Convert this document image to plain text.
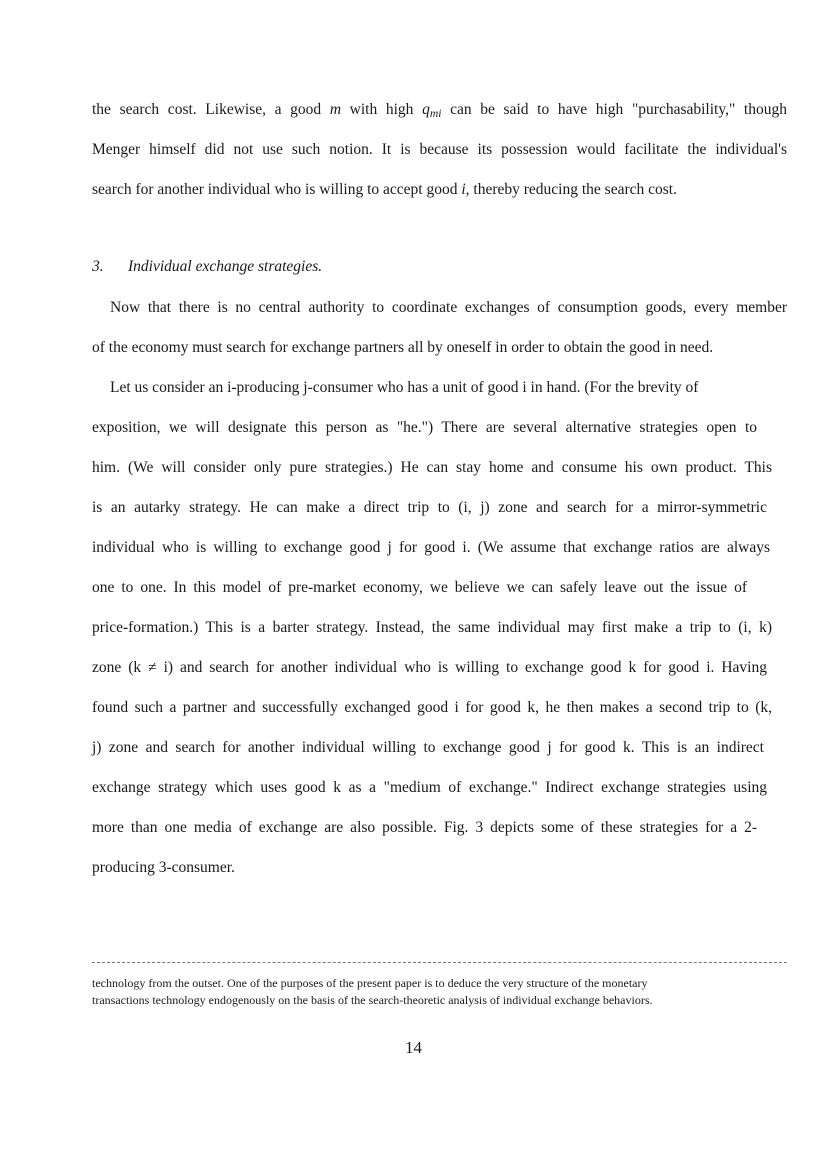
the search cost. Likewise, a good m with high $q_{mi}$ can be said to have high "purchasability," though
Menger himself did not use such notion. It is because its possession would facilitate the individual's
search for another individual who is willing to accept good i, thereby reducing the search cost.
3. Individual exchange strategies.
Now that there is no central authority to coordinate exchanges of consumption goods, every member
of the economy must search for exchange partners all by oneself in order to obtain the good in need.
Let us consider an i-producing j-consumer who has a unit of good i in hand. (For the brevity of
exposition, we will designate this person as "he.") There are several alternative strategies open to
him. (We will consider only pure strategies.) He can stay home and consume his own product. This
is an autarky strategy. He can make a direct trip to (i, j) zone and search for a mirror-symmetric
individual who is willing to exchange good j for good i. (We assume that exchange ratios are always
one to one. In this model of pre-market economy, we believe we can safely leave out the issue of
price-formation.) This is a barter strategy. Instead, the same individual may first make a trip to (i, k)
zone (k ≠ i) and search for another individual who is willing to exchange good k for good i. Having
found such a partner and successfully exchanged good i for good k, he then makes a second trip to (k,
j) zone and search for another individual willing to exchange good j for good k. This is an indirect
exchange strategy which uses good k as a "medium of exchange." Indirect exchange strategies using
more than one media of exchange are also possible. Fig. 3 depicts some of these strategies for a 2-
producing 3-consumer.
technology from the outset. One of the purposes of the present paper is to deduce the very structure of the monetary
transactions technology endogenously on the basis of the search-theoretic analysis of individual exchange behaviors.
14
